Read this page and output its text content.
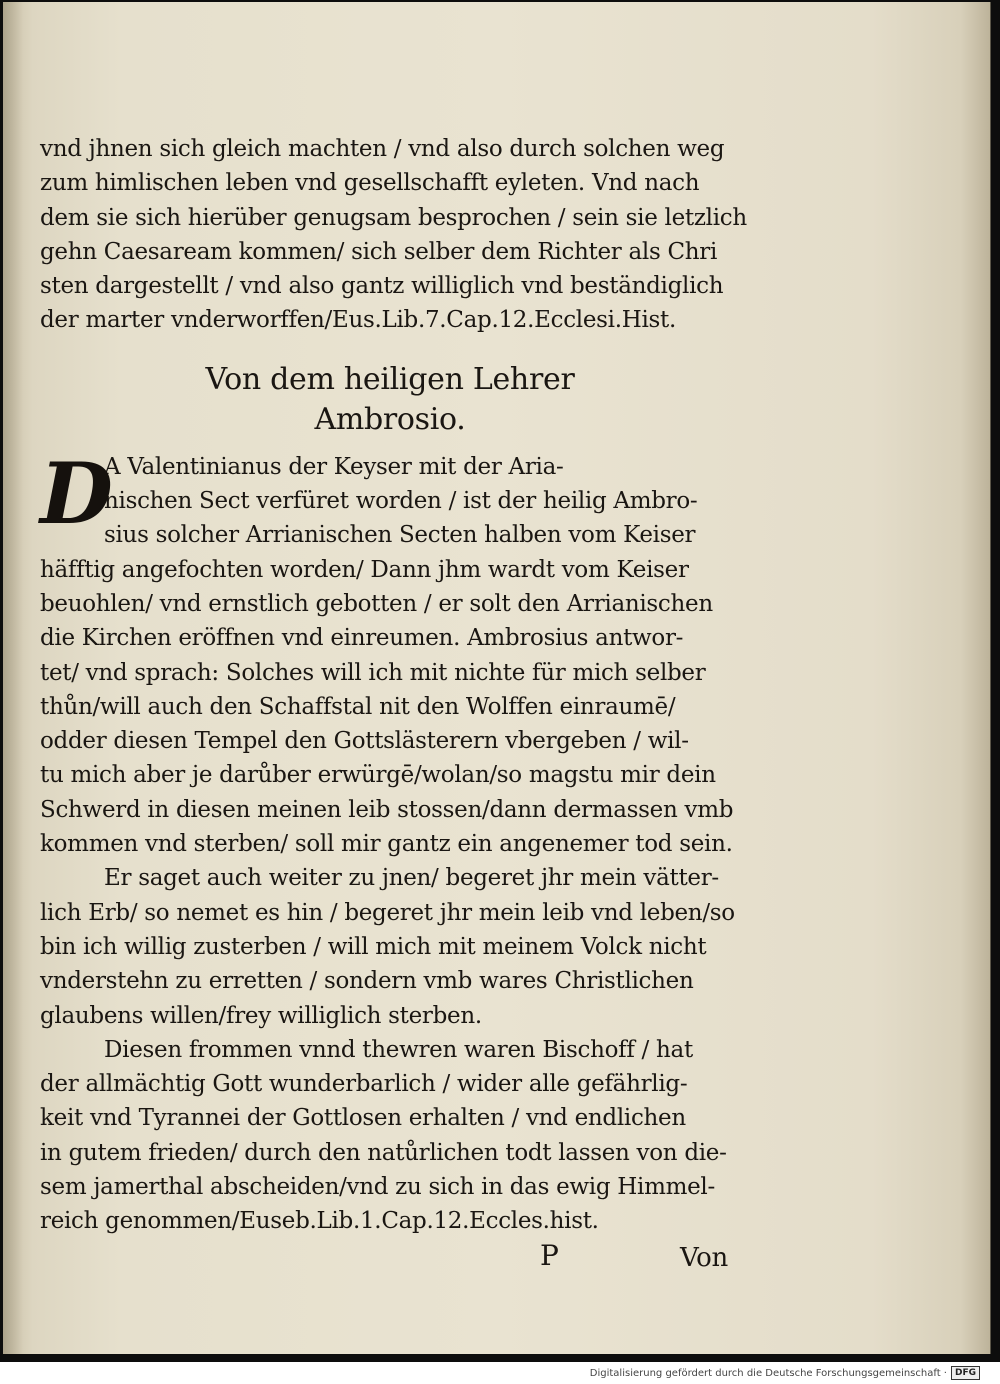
vnd jhnen sich gleich machten / vnd also durch solchen weg
zum himlischen leben vnd gesellschafft eyleten. Vnd nach
dem sie sich hierüber genugsam besprochen / sein sie letzlich
gehn Caesaream kommen/ sich selber dem Richter als Chri
sten dargestellt / vnd also gantz williglich vnd beständiglich
der marter vnderworffen/Eus.Lib.7.Cap.12.Ecclesi.Hist.
Von dem heiligen Lehrer
Ambrosio.
D
A Valentinianus der Keyser mit der Aria-
nischen Sect verfüret worden / ist der heilig Ambro-
sius solcher Arrianischen Secten halben vom Keiser
häfftig angefochten worden/ Dann jhm wardt vom Keiser
beuohlen/ vnd ernstlich gebotten / er solt den Arrianischen
die Kirchen eröffnen vnd einreumen. Ambrosius antwor-
tet/ vnd sprach: Solches will ich mit nichte für mich selber
thůn/will auch den Schaffstal nit den Wolffen einraumē/
odder diesen Tempel den Gottslästerern vbergeben / wil-
tu mich aber je darůber erwürgē/wolan/so magstu mir dein
Schwerd in diesen meinen leib stossen/dann dermassen vmb
kommen vnd sterben/ soll mir gantz ein angenemer tod sein.
Er saget auch weiter zu jnen/ begeret jhr mein vätter-
lich Erb/ so nemet es hin / begeret jhr mein leib vnd leben/so
bin ich willig zusterben / will mich mit meinem Volck nicht
vnderstehn zu erretten / sondern vmb wares Christlichen
glaubens willen/frey williglich sterben.
Diesen frommen vnnd thewren waren Bischoff / hat
der allmächtig Gott wunderbarlich / wider alle gefährlig-
keit vnd Tyrannei der Gottlosen erhalten / vnd endlichen
in gutem frieden/ durch den natůrlichen todt lassen von die-
sem jamerthal abscheiden/vnd zu sich in das ewig Himmel-
reich genommen/Euseb.Lib.1.Cap.12.Eccles.hist.
P	Von
Digitalisierung gefördert durch die Deutsche Forschungsgemeinschaft · DFG
